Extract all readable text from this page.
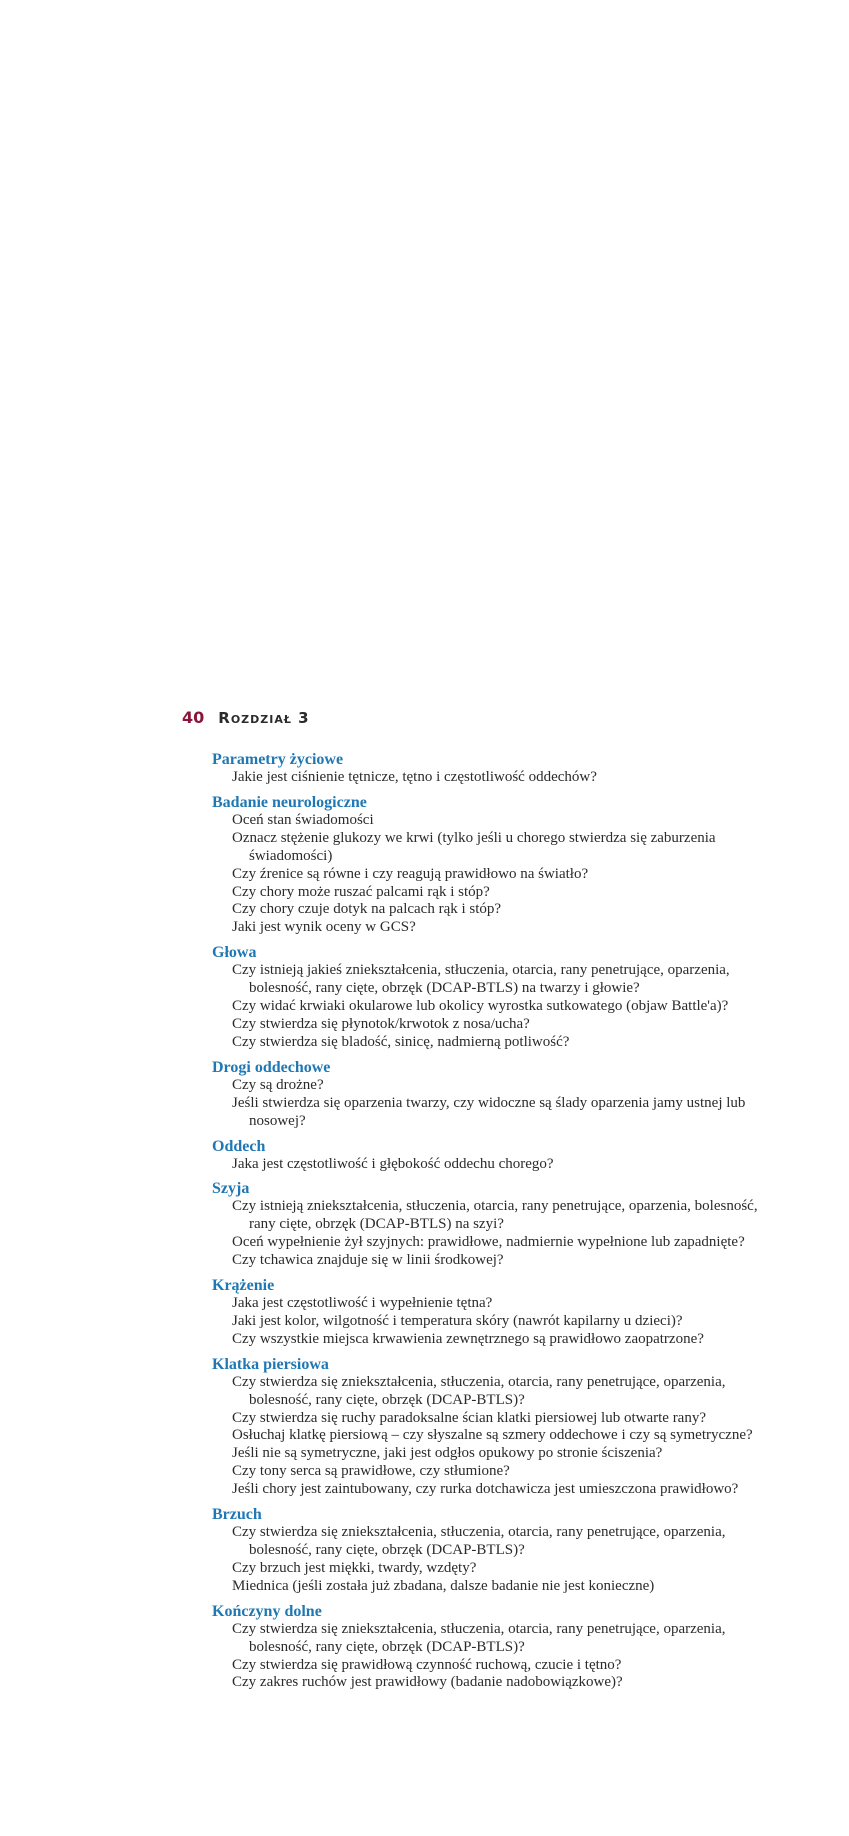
40 Rozdział 3
Parametry życiowe
Jakie jest ciśnienie tętnicze, tętno i częstotliwość oddechów?
Badanie neurologiczne
Oceń stan świadomości
Oznacz stężenie glukozy we krwi (tylko jeśli u chorego stwierdza się zaburzenia świadomości)
Czy źrenice są równe i czy reagują prawidłowo na światło?
Czy chory może ruszać palcami rąk i stóp?
Czy chory czuje dotyk na palcach rąk i stóp?
Jaki jest wynik oceny w GCS?
Głowa
Czy istnieją jakieś zniekształcenia, stłuczenia, otarcia, rany penetrujące, oparzenia, bolesność, rany cięte, obrzęk (DCAP-BTLS) na twarzy i głowie?
Czy widać krwiaki okularowe lub okolicy wyrostka sutkowatego (objaw Battle'a)?
Czy stwierdza się płynotok/krwotok z nosa/ucha?
Czy stwierdza się bladość, sinicę, nadmierną potliwość?
Drogi oddechowe
Czy są drożne?
Jeśli stwierdza się oparzenia twarzy, czy widoczne są ślady oparzenia jamy ustnej lub nosowej?
Oddech
Jaka jest częstotliwość i głębokość oddechu chorego?
Szyja
Czy istnieją zniekształcenia, stłuczenia, otarcia, rany penetrujące, oparzenia, bolesność, rany cięte, obrzęk (DCAP-BTLS) na szyi?
Oceń wypełnienie żył szyjnych: prawidłowe, nadmiernie wypełnione lub zapadnięte?
Czy tchawica znajduje się w linii środkowej?
Krążenie
Jaka jest częstotliwość i wypełnienie tętna?
Jaki jest kolor, wilgotność i temperatura skóry (nawrót kapilarny u dzieci)?
Czy wszystkie miejsca krwawienia zewnętrznego są prawidłowo zaopatrzone?
Klatka piersiowa
Czy stwierdza się zniekształcenia, stłuczenia, otarcia, rany penetrujące, oparzenia, bolesność, rany cięte, obrzęk (DCAP-BTLS)?
Czy stwierdza się ruchy paradoksalne ścian klatki piersiowej lub otwarte rany?
Osłuchaj klatkę piersiową – czy słyszalne są szmery oddechowe i czy są symetryczne?
Jeśli nie są symetryczne, jaki jest odgłos opukowy po stronie ściszenia?
Czy tony serca są prawidłowe, czy stłumione?
Jeśli chory jest zaintubowany, czy rurka dotchawicza jest umieszczona prawidłowo?
Brzuch
Czy stwierdza się zniekształcenia, stłuczenia, otarcia, rany penetrujące, oparzenia, bolesność, rany cięte, obrzęk (DCAP-BTLS)?
Czy brzuch jest miękki, twardy, wzdęty?
Miednica (jeśli została już zbadana, dalsze badanie nie jest konieczne)
Kończyny dolne
Czy stwierdza się zniekształcenia, stłuczenia, otarcia, rany penetrujące, oparzenia, bolesność, rany cięte, obrzęk (DCAP-BTLS)?
Czy stwierdza się prawidłową czynność ruchową, czucie i tętno?
Czy zakres ruchów jest prawidłowy (badanie nadobowiązkowe)?
